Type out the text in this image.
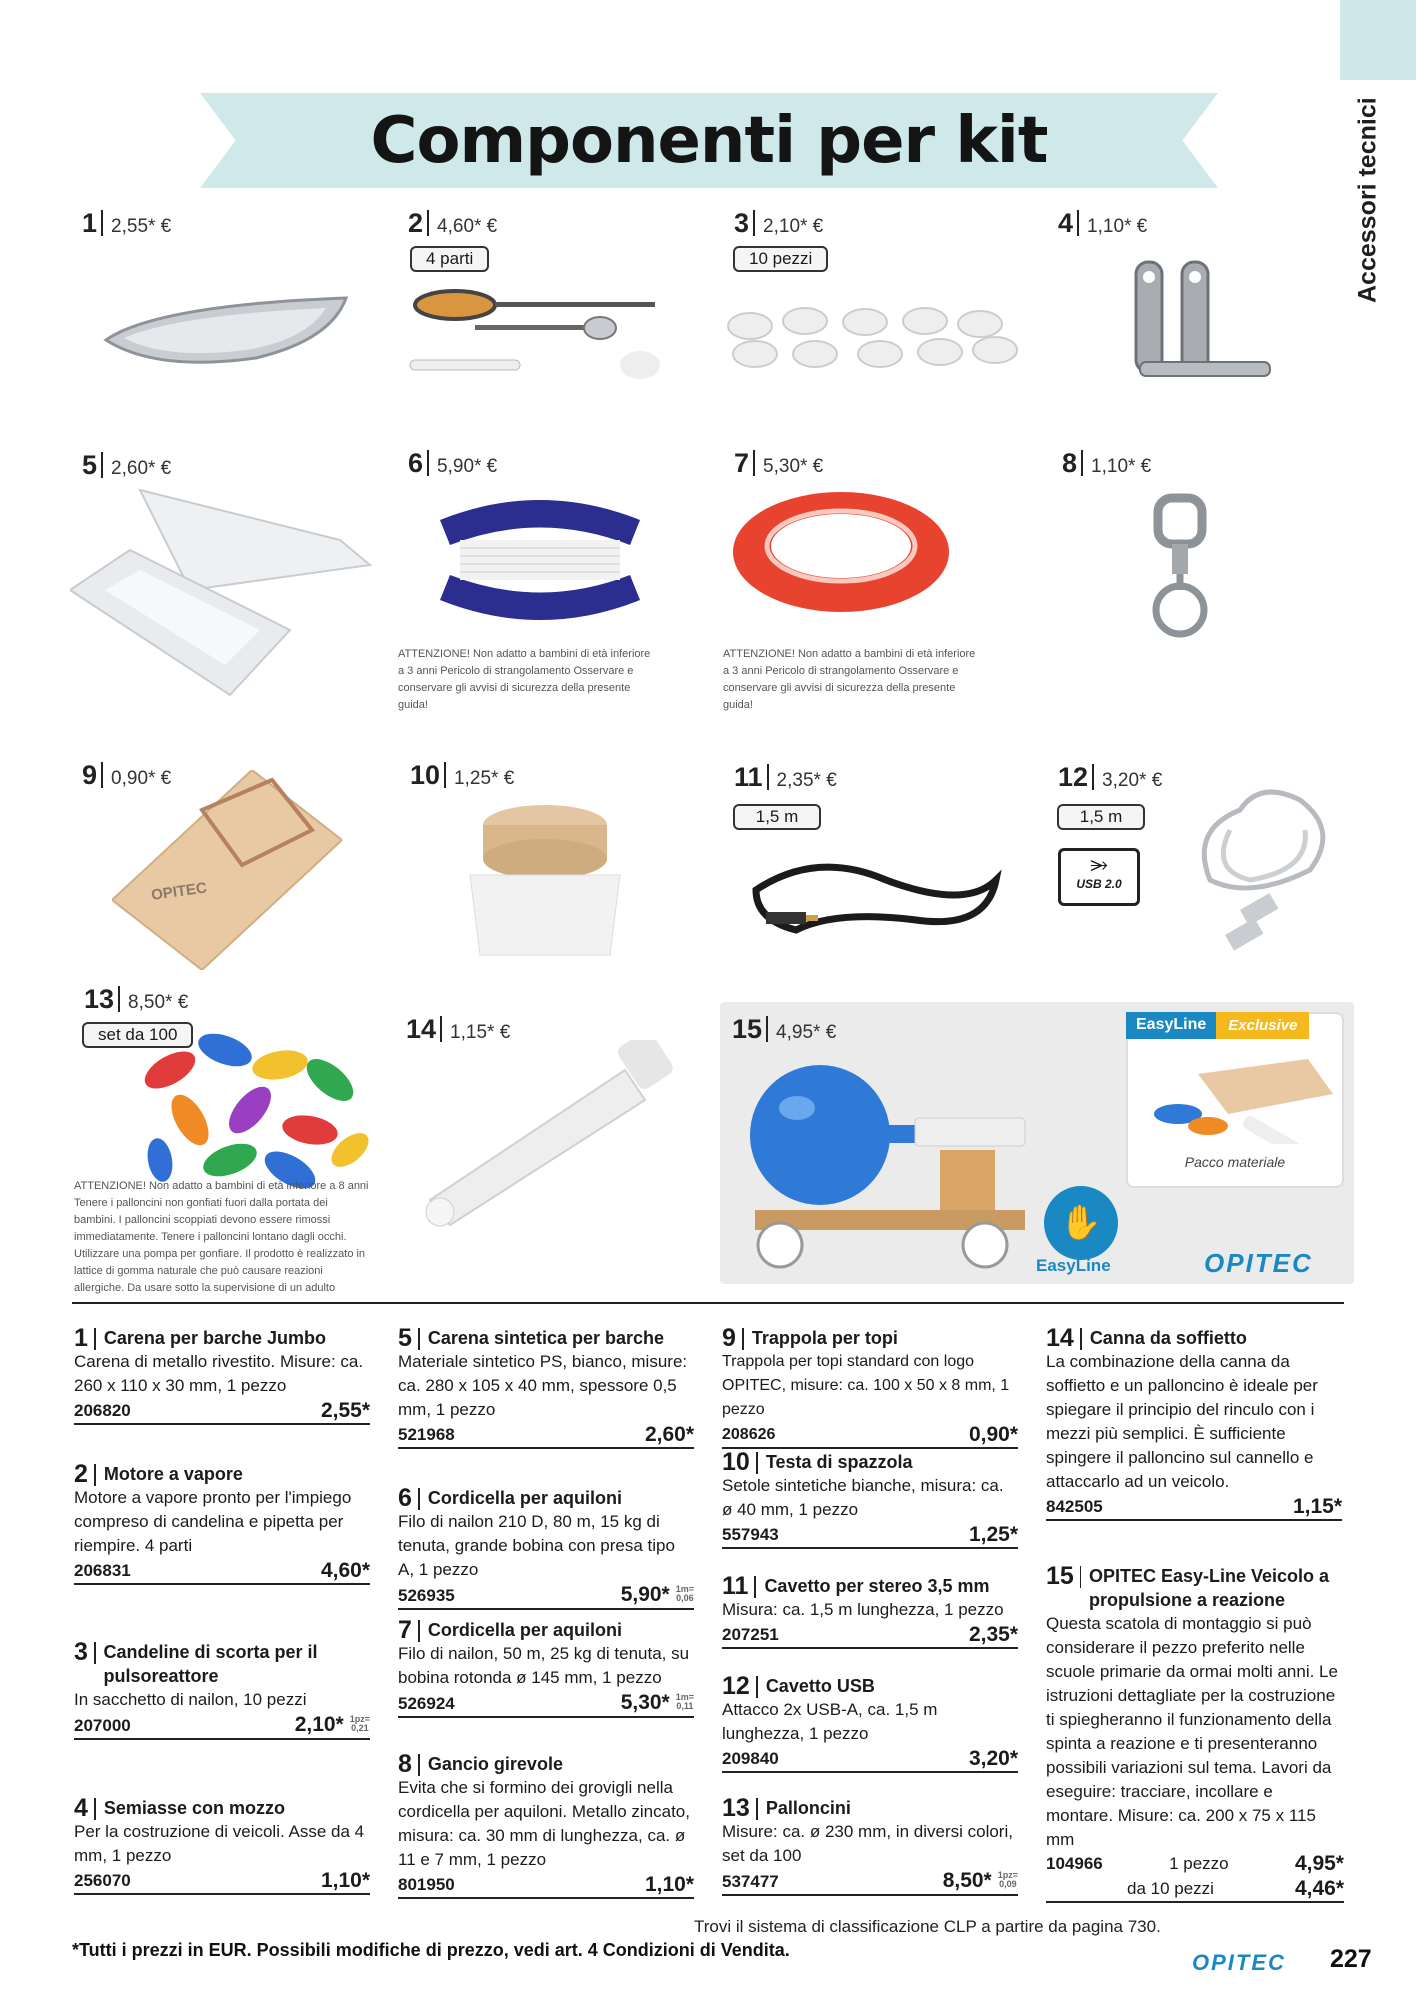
Accessori tecnici
Componenti per kit
1 2,55* €	2 4,60* €	3 2,10* €	4 1,10* €
4 parti	10 pezzi
5 2,60* €	6 5,90* €	7 5,30* €	8 1,10* €
9 0,90* €	10 1,25* €	11 2,35* €	12 3,20* €
1,5 m	1,5 m
13 8,50* €
set da 100	14 1,15* €	15 4,95* €
ATTENZIONE! Non adatto a bambini di età inferiore a 3 anni Pericolo di strangolamento Osservare e conservare gli avvisi di sicurezza della presente guida!
ATTENZIONE! Non adatto a bambini di età inferiore a 3 anni Pericolo di strangolamento Osservare e conservare gli avvisi di sicurezza della presente guida!
OPITEC
⭃
USB 2.0
ATTENZIONE! Non adatto a bambini di età inferiore a 8 anni Tenere i palloncini non gonfiati fuori dalla portata dei bambini. I palloncini scoppiati devono essere rimossi immediatamente. Tenere i palloncini lontano dagli occhi. Utilizzare una pompa per gonfiare. Il prodotto è realizzato in lattice di gomma naturale che può causare reazioni allergiche. Da usare sotto la supervisione di un adulto
EasyLine	Exclusive
Pacco materiale
✋
EasyLine	OPITEC
1 Carena per barche Jumbo
Carena di metallo rivestito. Misure: ca. 260 x 110 x 30 mm, 1 pezzo
206820	2,55*
2 Motore a vapore
Motore a vapore pronto per l'impiego compreso di candelina e pipetta per riempire. 4 parti
206831	4,60*
3 Candeline di scorta per il pulsoreattore
In sacchetto di nailon, 10 pezzi
207000	2,10* 1pz=
0,21
4 Semiasse con mozzo
Per la costruzione di veicoli. Asse da 4 mm, 1 pezzo
256070	1,10*
5 Carena sintetica per barche
Materiale sintetico PS, bianco, misure: ca. 280 x 105 x 40 mm, spessore 0,5 mm, 1 pezzo
521968	2,60*
6 Cordicella per aquiloni
Filo di nailon 210 D, 80 m, 15 kg di tenuta, grande bobina con presa tipo A, 1 pezzo
526935	5,90* 1m=
0,06
7 Cordicella per aquiloni
Filo di nailon, 50 m, 25 kg di tenuta, su bobina rotonda ø 145 mm, 1 pezzo
526924	5,30* 1m=
0,11
8 Gancio girevole
Evita che si formino dei grovigli nella cordicella per aquiloni. Metallo zincato, misura: ca. 30 mm di lunghezza, ca. ø 11 e 7 mm, 1 pezzo
801950	1,10*
9 Trappola per topi
Trappola per topi standard con logo OPITEC, misure: ca. 100 x 50 x 8 mm, 1 pezzo
208626	0,90*
10 Testa di spazzola
Setole sintetiche bianche, misura: ca. ø 40 mm, 1 pezzo
557943	1,25*
11 Cavetto per stereo 3,5 mm
Misura: ca. 1,5 m lunghezza, 1 pezzo
207251	2,35*
12 Cavetto USB
Attacco 2x USB-A, ca. 1,5 m lunghezza, 1 pezzo
209840	3,20*
13 Palloncini
Misure: ca. ø 230 mm, in diversi colori, set da 100
537477	8,50* 1pz=
0,09
14 Canna da soffietto
La combinazione della canna da soffietto e un palloncino è ideale per spiegare il principio del rinculo con i mezzi più semplici. È sufficiente spingere il palloncino sul cannello e attaccarlo ad un veicolo.
842505	1,15*
15 OPITEC Easy-Line Veicolo a propulsione a reazione
Questa scatola di montaggio si può considerare il pezzo preferito nelle scuole primarie da ormai molti anni. Le istruzioni dettagliate per la costruzione ti spiegheranno il funzionamento della spinta a reazione e ti presenteranno possibili variazioni sul tema. Lavori da eseguire: tracciare, incollare e montare. Misure: ca. 200 x 75 x 115 mm
104966	1 pezzo	4,95*
da 10 pezzi	4,46*
Trovi il sistema di classificazione CLP a partire da pagina 730.
*Tutti i prezzi in EUR. Possibili modifiche di prezzo, vedi art. 4 Condizioni di Vendita.	OPITEC 227
